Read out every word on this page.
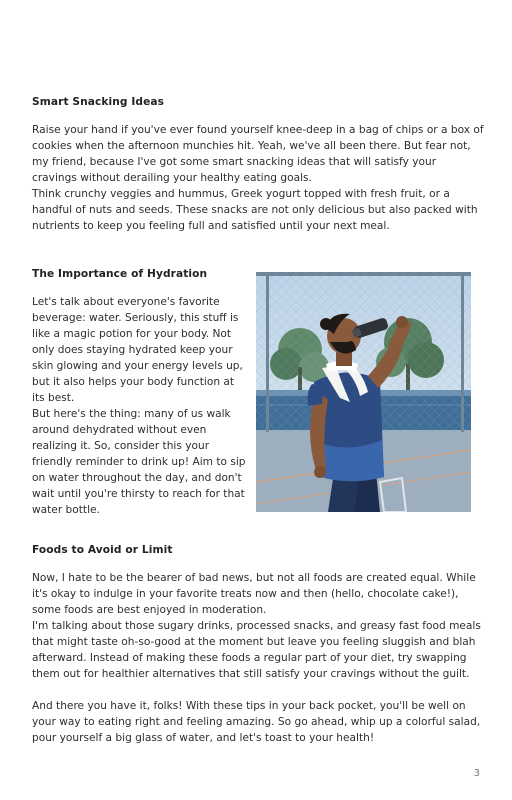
Smart Snacking Ideas

Raise your hand if you've ever found yourself knee-deep in a bag of chips or a box of cookies when the afternoon munchies hit. Yeah, we've all been there. But fear not, my friend, because I've got some smart snacking ideas that will satisfy your cravings without derailing your healthy eating goals.

Think crunchy veggies and hummus, Greek yogurt topped with fresh fruit, or a handful of nuts and seeds. These snacks are not only delicious but also packed with nutrients to keep you feeling full and satisfied until your next meal.

The Importance of Hydration

Let's talk about everyone's favorite beverage: water. Seriously, this stuff is like a magic potion for your body. Not only does staying hydrated keep your skin glowing and your energy levels up, but it also helps your body function at its best.

But here's the thing: many of us walk around dehydrated without even realizing it. So, consider this your friendly reminder to drink up! Aim to sip on water throughout the day, and don't wait until you're thirsty to reach for that water bottle.

Foods to Avoid or Limit

Now, I hate to be the bearer of bad news, but not all foods are created equal. While it's okay to indulge in your favorite treats now and then (hello, chocolate cake!), some foods are best enjoyed in moderation.

I'm talking about those sugary drinks, processed snacks, and greasy fast food meals that might taste oh-so-good at the moment but leave you feeling sluggish and blah afterward. Instead of making these foods a regular part of your diet, try swapping them out for healthier alternatives that still satisfy your cravings without the guilt.

And there you have it, folks! With these tips in your back pocket, you'll be well on your way to eating right and feeling amazing. So go ahead, whip up a colorful salad, pour yourself a big glass of water, and let's toast to your health!

3
